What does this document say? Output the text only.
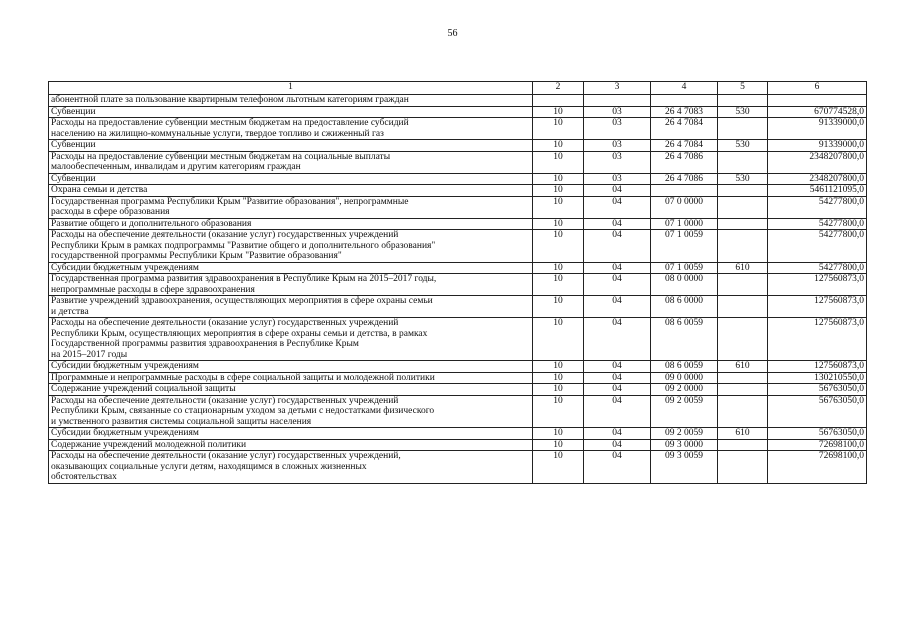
56
1	2	3	4	5	6
абонентной плате за пользование квартирным телефоном льготным категориям граждан					
Субвенции	10	03	26 4 7083	530	670774528,0
Расходы на предоставление субвенции местным бюджетам на предоставление субсидий
населению на жилищно-коммунальные услуги, твердое топливо и сжиженный газ	10	03	26 4 7084		91339000,0
Субвенции	10	03	26 4 7084	530	91339000,0
Расходы на предоставление субвенции местным бюджетам на социальные выплаты
малообеспеченным, инвалидам и другим категориям граждан	10	03	26 4 7086		2348207800,0
Субвенции	10	03	26 4 7086	530	2348207800,0
Охрана семьи и детства	10	04			5461121095,0
Государственная программа Республики Крым "Развитие образования", непрограммные
расходы в сфере образования	10	04	07 0 0000		54277800,0
Развитие общего и дополнительного образования	10	04	07 1 0000		54277800,0
Расходы на обеспечение деятельности (оказание услуг) государственных учреждений
Республики Крым в рамках подпрограммы "Развитие общего и дополнительного образования"
государственной программы Республики Крым "Развитие образования"	10	04	07 1 0059		54277800,0
Субсидии бюджетным учреждениям	10	04	07 1 0059	610	54277800,0
Государственная программа развития здравоохранения в Республике Крым на 2015–2017 годы,
непрограммные расходы в сфере здравоохранения	10	04	08 0 0000		127560873,0
Развитие учреждений здравоохранения, осуществляющих мероприятия в сфере охраны семьи
и детства	10	04	08 6 0000		127560873,0
Расходы на обеспечение деятельности (оказание услуг) государственных учреждений
Республики Крым, осуществляющих мероприятия в сфере охраны семьи и детства, в рамках
Государственной программы развития здравоохранения в Республике Крым
на 2015–2017 годы	10	04	08 6 0059		127560873,0
Субсидии бюджетным учреждениям	10	04	08 6 0059	610	127560873,0
Программные и непрограммные расходы в сфере социальной защиты и молодежной политики	10	04	09 0 0000		130210550,0
Содержание учреждений социальной защиты	10	04	09 2 0000		56763050,0
Расходы на обеспечение деятельности (оказание услуг) государственных учреждений
Республики Крым, связанные со стационарным уходом за детьми с недостатками физического
и умственного развития системы социальной защиты населения	10	04	09 2 0059		56763050,0
Субсидии бюджетным учреждениям	10	04	09 2 0059	610	56763050,0
Содержание учреждений молодежной политики	10	04	09 3 0000		72698100,0
Расходы на обеспечение деятельности (оказание услуг) государственных учреждений,
оказывающих социальные услуги детям, находящимся в сложных жизненных
обстоятельствах	10	04	09 3 0059		72698100,0
